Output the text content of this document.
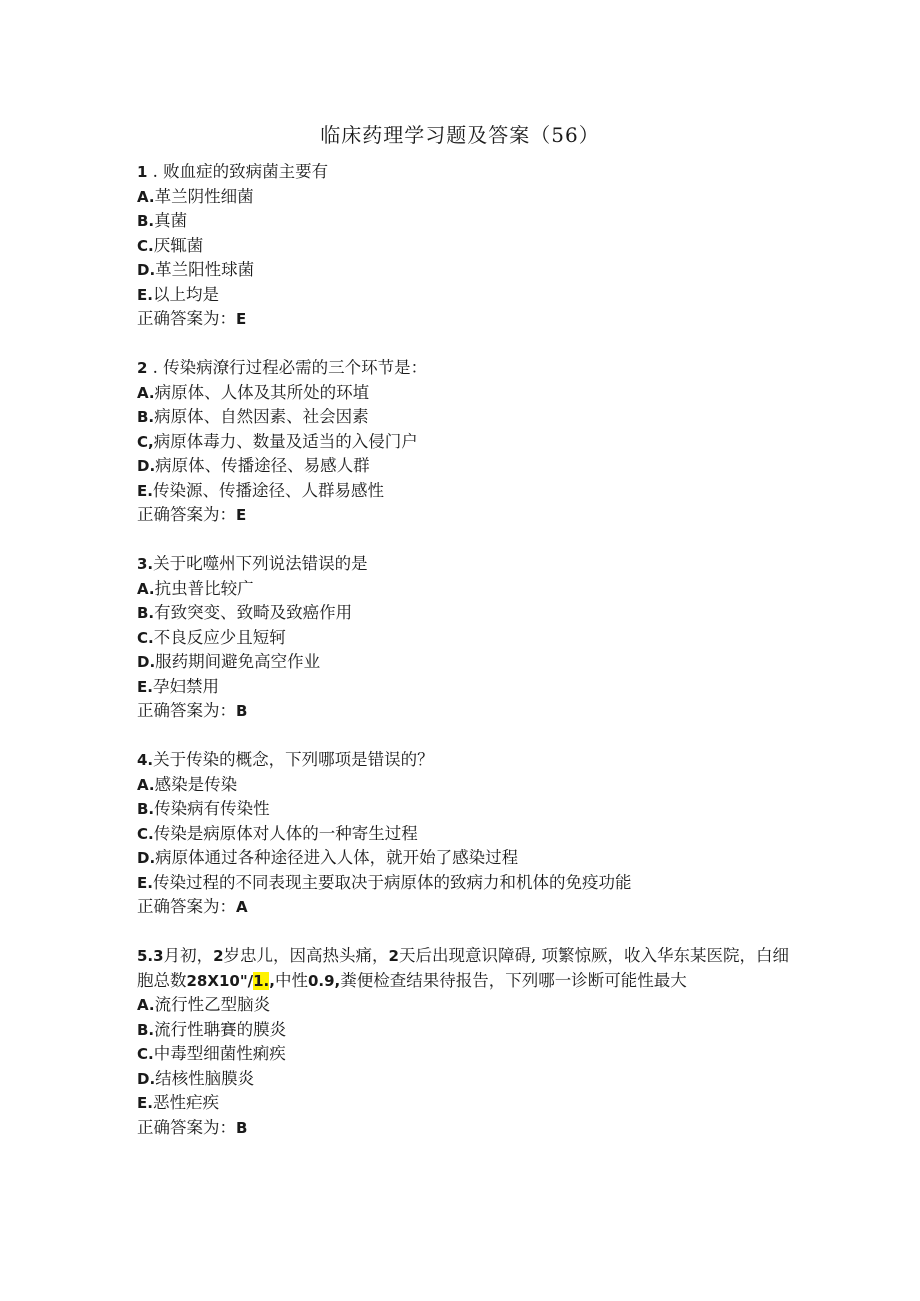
临床药理学习题及答案（56）
1 . 败血症的致病菌主要有
A.革兰阴性细菌
B.真菌
C.厌辄菌
D.革兰阳性球菌
E.以上均是
正确答案为：E
2 . 传染病潦行过程必需的三个环节是：
A.病原体、人体及其所处的环埴
B.病原体、自然因素、社会因素
C,病原体毒力、数量及适当的入侵门户
D.病原体、传播途径、易感人群
E.传染源、传播途径、人群易感性
正确答案为：E
3.关于叱噬州下列说法错误的是
A.抗虫普比较广
B.有致突变、致畸及致癌作用
C.不良反应少且短轲
D.服药期间避免高空作业
E.孕妇禁用
正确答案为：B
4.关于传染的概念，下列哪项是错误的？
A.感染是传染
B.传染病有传染性
C.传染是病原体对人体的一种寄生过程
D.病原体通过各种途径进入人体，就开始了感染过程
E.传染过程的不同表现主要取决于病原体的致病力和机体的免疫功能
正确答案为：A
5.3月初，2岁忠儿，因高热头痛，2天后出现意识障碍, 项繁惊厥，收入华东某医院，白细胞总数28X10"/1.,中性0.9,粪便检查结果待报告，下列哪一诊断可能性最大
A.流行性乙型脑炎
B.流行性聃賽的膜炎
C.中毒型细菌性痢疾
D.结核性脑膜炎
E.恶性疟疾
正确答案为：B
